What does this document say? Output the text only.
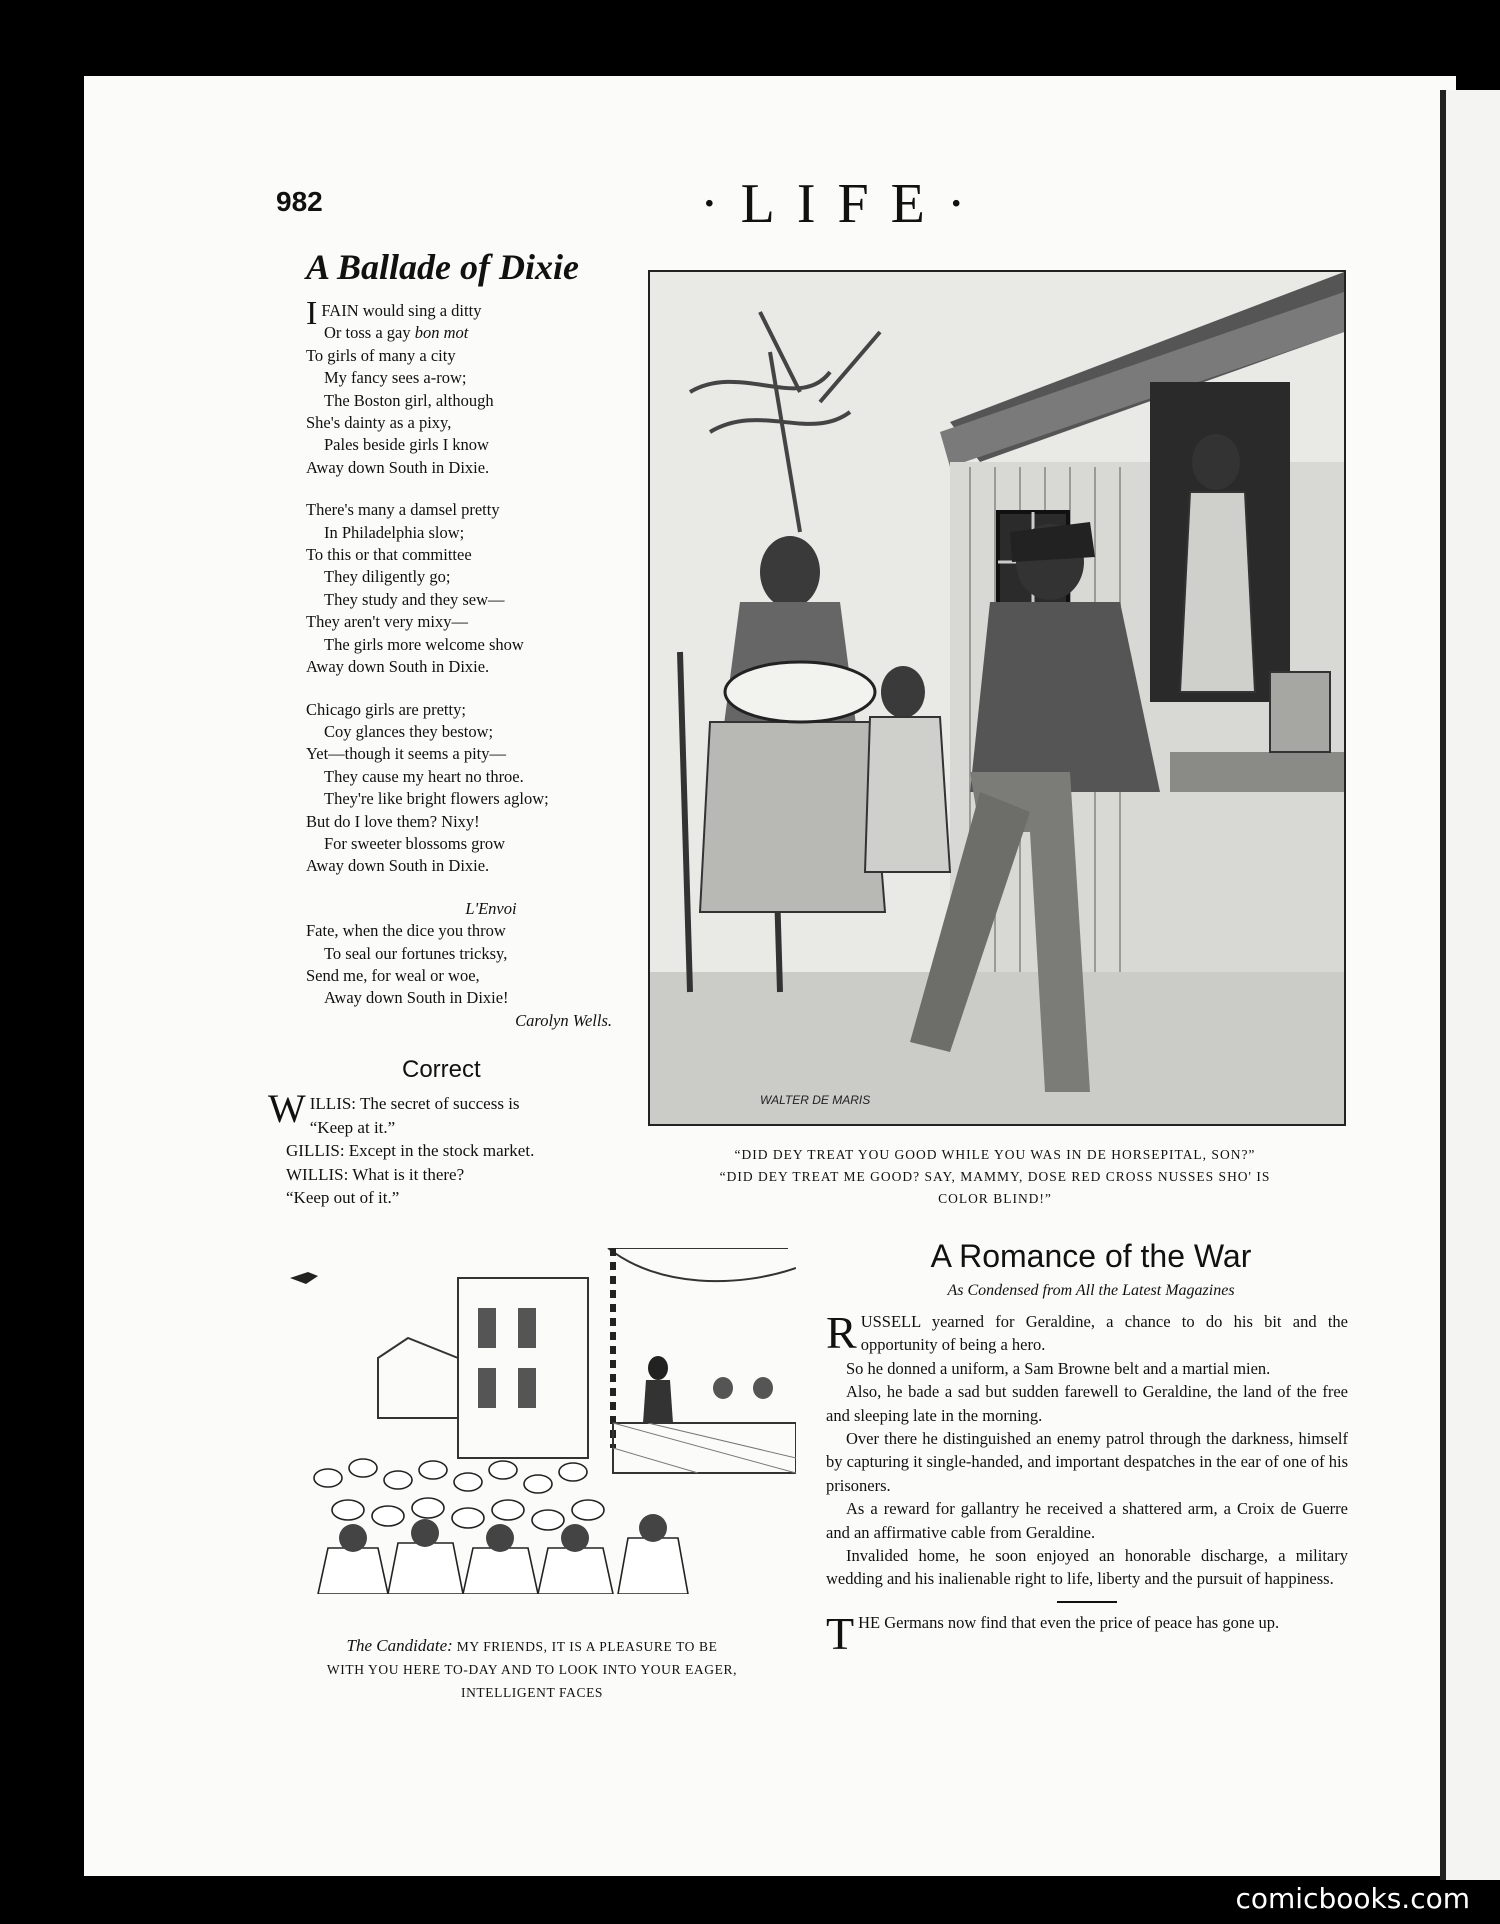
982	·LIFE·
A Ballade of Dixie
IFAIN would sing a ditty
Or toss a gay bon mot
To girls of many a city
My fancy sees a-row;
The Boston girl, although
She's dainty as a pixy,
Pales beside girls I know
Away down South in Dixie.
There's many a damsel pretty
In Philadelphia slow;
To this or that committee
They diligently go;
They study and they sew—
They aren't very mixy—
The girls more welcome show
Away down South in Dixie.
Chicago girls are pretty;
Coy glances they bestow;
Yet—though it seems a pity—
They cause my heart no throe.
They're like bright flowers aglow;
But do I love them? Nixy!
For sweeter blossoms grow
Away down South in Dixie.
L'Envoi
Fate, when the dice you throw
To seal our fortunes tricksy,
Send me, for weal or woe,
Away down South in Dixie!
Carolyn Wells.
Correct
WILLIS: The secret of success is
“Keep at it.”
GILLIS: Except in the stock market.
WILLIS: What is it there?
“Keep out of it.”
WALTER DE MARIS
“DID DEY TREAT YOU GOOD WHILE YOU WAS IN DE HORSEPITAL, SON?”
“DID DEY TREAT ME GOOD? SAY, MAMMY, DOSE RED CROSS NUSSES SHO' IS
COLOR BLIND!”
The Candidate: MY FRIENDS, IT IS A PLEASURE TO BE
WITH YOU HERE TO-DAY AND TO LOOK INTO YOUR EAGER,
INTELLIGENT FACES
A Romance of the War
As Condensed from All the Latest Magazines

RUSSELL yearned for Geraldine, a chance to do his bit and the opportunity of being a hero.

So he donned a uniform, a Sam Browne belt and a martial mien.

Also, he bade a sad but sudden farewell to Geraldine, the land of the free and sleeping late in the morning.

Over there he distinguished an enemy patrol through the darkness, himself by capturing it single-handed, and important despatches in the ear of one of his prisoners.

As a reward for gallantry he received a shattered arm, a Croix de Guerre and an affirmative cable from Geraldine.

Invalided home, he soon enjoyed an honorable discharge, a military wedding and his inalienable right to life, liberty and the pursuit of happiness.

THE Germans now find that even the price of peace has gone up.

comicbooks.com
